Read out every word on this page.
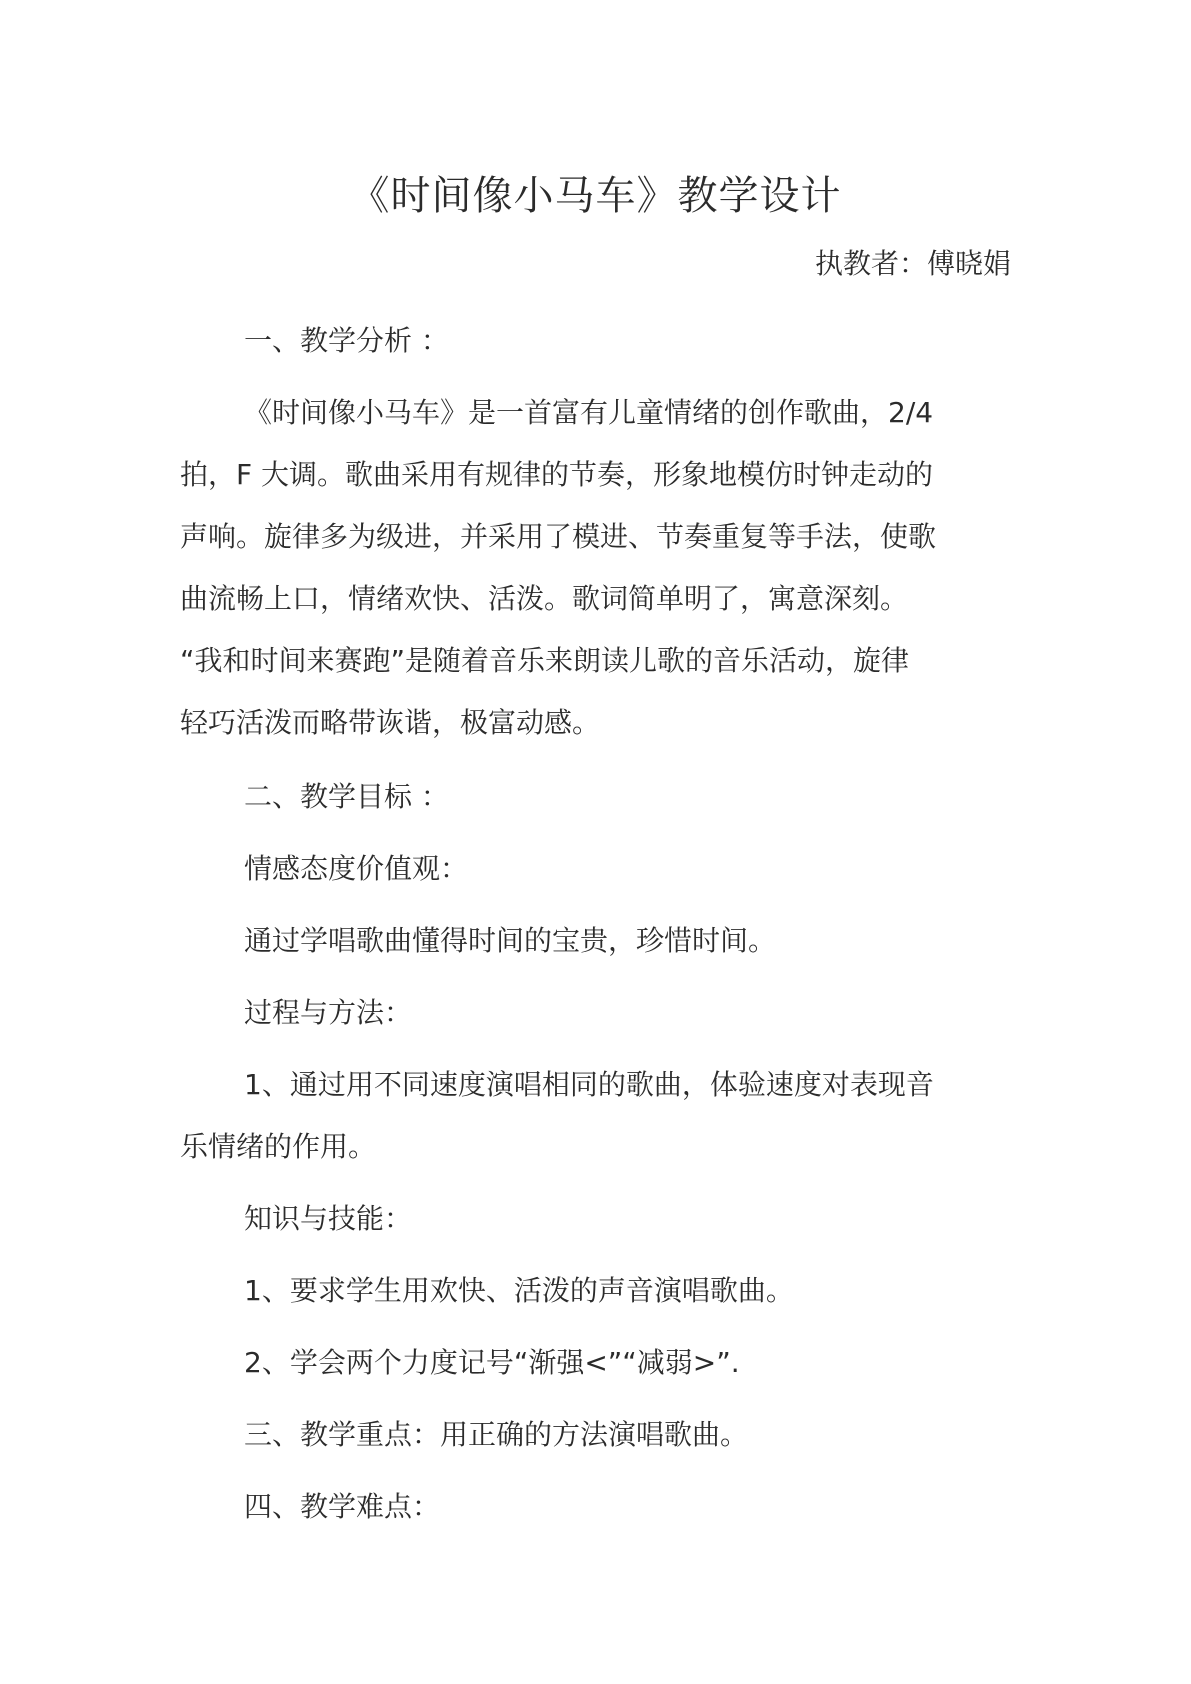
《时间像小马车》教学设计
执教者：傅晓娟

一、教学分析 ：

《时间像小马车》是一首富有儿童情绪的创作歌曲，2/4
拍，F 大调。歌曲采用有规律的节奏，形象地模仿时钟走动的
声响。旋律多为级进，并采用了模进、节奏重复等手法，使歌
曲流畅上口，情绪欢快、活泼。歌词简单明了，寓意深刻。
“我和时间来赛跑”是随着音乐来朗读儿歌的音乐活动，旋律
轻巧活泼而略带诙谐，极富动感。

二、教学目标 ：

情感态度价值观：

通过学唱歌曲懂得时间的宝贵，珍惜时间。

过程与方法：

1、通过用不同速度演唱相同的歌曲，体验速度对表现音
乐情绪的作用。

知识与技能：

1、要求学生用欢快、活泼的声音演唱歌曲。

2、学会两个力度记号“渐强<”“减弱>”.

三、教学重点：用正确的方法演唱歌曲。

四、教学难点：
